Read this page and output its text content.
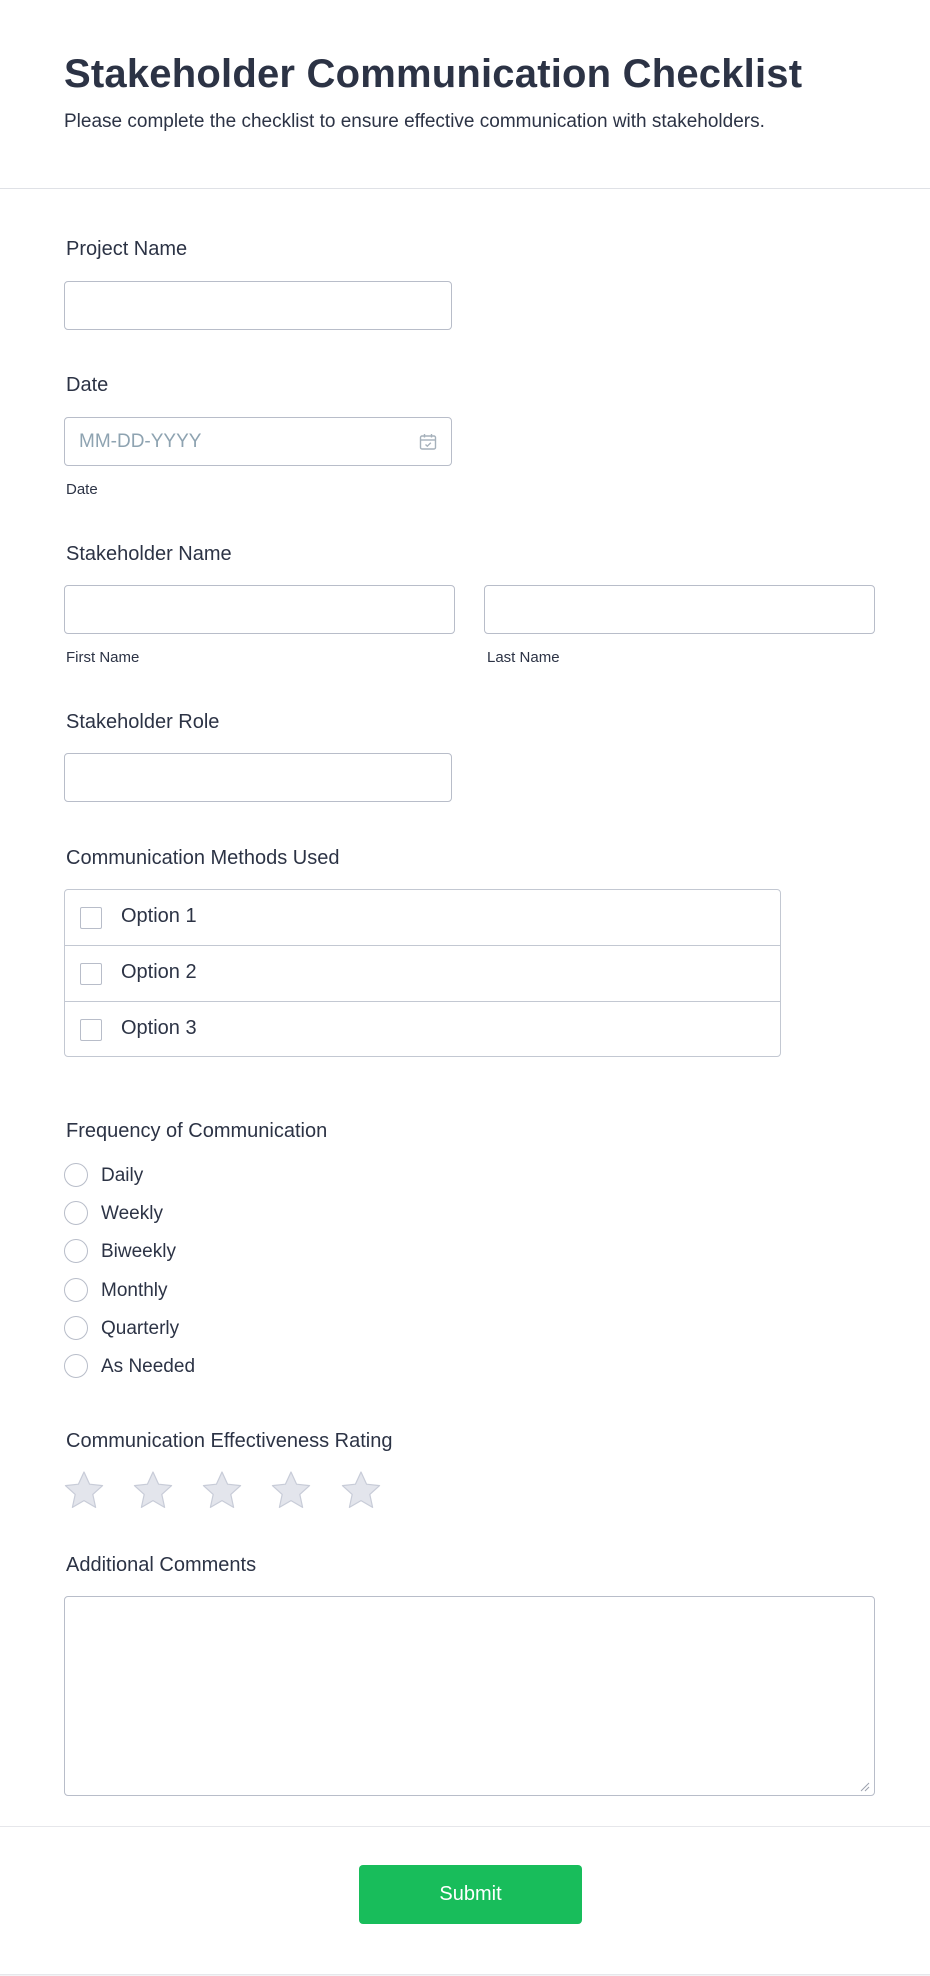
Stakeholder Communication Checklist

Please complete the checklist to ensure effective communication with stakeholders.

Project Name
Date
MM-DD-YYYY
Date
Stakeholder Name
First Name	Last Name
Stakeholder Role
Communication Methods Used
Option 1
Option 2
Option 3
Frequency of Communication
Daily
Weekly
Biweekly
Monthly
Quarterly
As Needed
Communication Effectiveness Rating
Additional Comments
Submit
